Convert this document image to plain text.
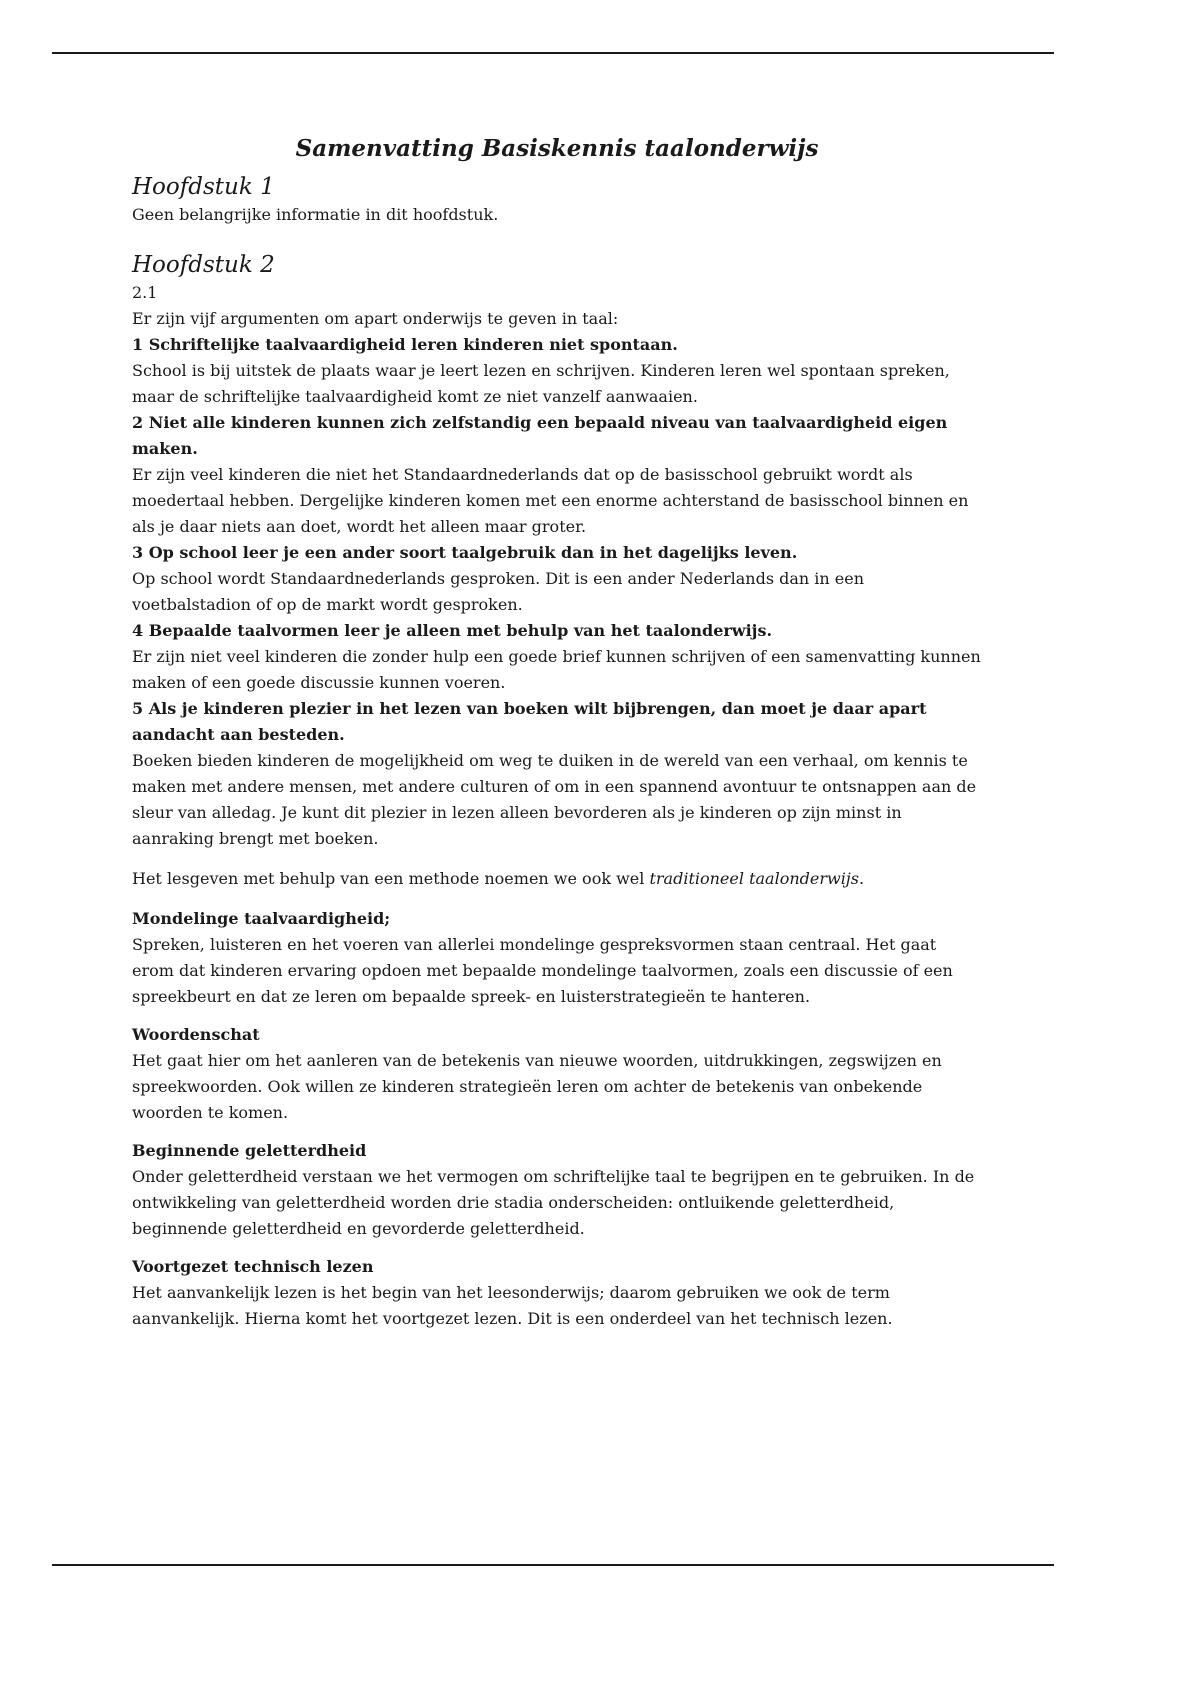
Samenvatting Basiskennis taalonderwijs
Hoofdstuk 1

Geen belangrijke informatie in dit hoofdstuk.

Hoofdstuk 2

2.1

Er zijn vijf argumenten om apart onderwijs te geven in taal:

1 Schriftelijke taalvaardigheid leren kinderen niet spontaan.

School is bij uitstek de plaats waar je leert lezen en schrijven. Kinderen leren wel spontaan spreken, maar de schriftelijke taalvaardigheid komt ze niet vanzelf aanwaaien.

2 Niet alle kinderen kunnen zich zelfstandig een bepaald niveau van taalvaardigheid eigen maken.

Er zijn veel kinderen die niet het Standaardnederlands dat op de basisschool gebruikt wordt als moedertaal hebben. Dergelijke kinderen komen met een enorme achterstand de basisschool binnen en als je daar niets aan doet, wordt het alleen maar groter.

3 Op school leer je een ander soort taalgebruik dan in het dagelijks leven.

Op school wordt Standaardnederlands gesproken. Dit is een ander Nederlands dan in een voetbalstadion of op de markt wordt gesproken.

4 Bepaalde taalvormen leer je alleen met behulp van het taalonderwijs.

Er zijn niet veel kinderen die zonder hulp een goede brief kunnen schrijven of een samenvatting kunnen maken of een goede discussie kunnen voeren.

5 Als je kinderen plezier in het lezen van boeken wilt bijbrengen, dan moet je daar apart aandacht aan besteden.

Boeken bieden kinderen de mogelijkheid om weg te duiken in de wereld van een verhaal, om kennis te maken met andere mensen, met andere culturen of om in een spannend avontuur te ontsnappen aan de sleur van alledag. Je kunt dit plezier in lezen alleen bevorderen als je kinderen op zijn minst in aanraking brengt met boeken.

Het lesgeven met behulp van een methode noemen we ook wel traditioneel taalonderwijs.

Mondelinge taalvaardigheid;

Spreken, luisteren en het voeren van allerlei mondelinge gespreksvormen staan centraal. Het gaat erom dat kinderen ervaring opdoen met bepaalde mondelinge taalvormen, zoals een discussie of een spreekbeurt en dat ze leren om bepaalde spreek- en luisterstrategieën te hanteren.

Woordenschat

Het gaat hier om het aanleren van de betekenis van nieuwe woorden, uitdrukkingen, zegswijzen en spreekwoorden. Ook willen ze kinderen strategieën leren om achter de betekenis van onbekende woorden te komen.

Beginnende geletterdheid

Onder geletterdheid verstaan we het vermogen om schriftelijke taal te begrijpen en te gebruiken. In de ontwikkeling van geletterdheid worden drie stadia onderscheiden: ontluikende geletterdheid, beginnende geletterdheid en gevorderde geletterdheid.

Voortgezet technisch lezen

Het aanvankelijk lezen is het begin van het leesonderwijs; daarom gebruiken we ook de term aanvankelijk. Hierna komt het voortgezet lezen. Dit is een onderdeel van het technisch lezen.
